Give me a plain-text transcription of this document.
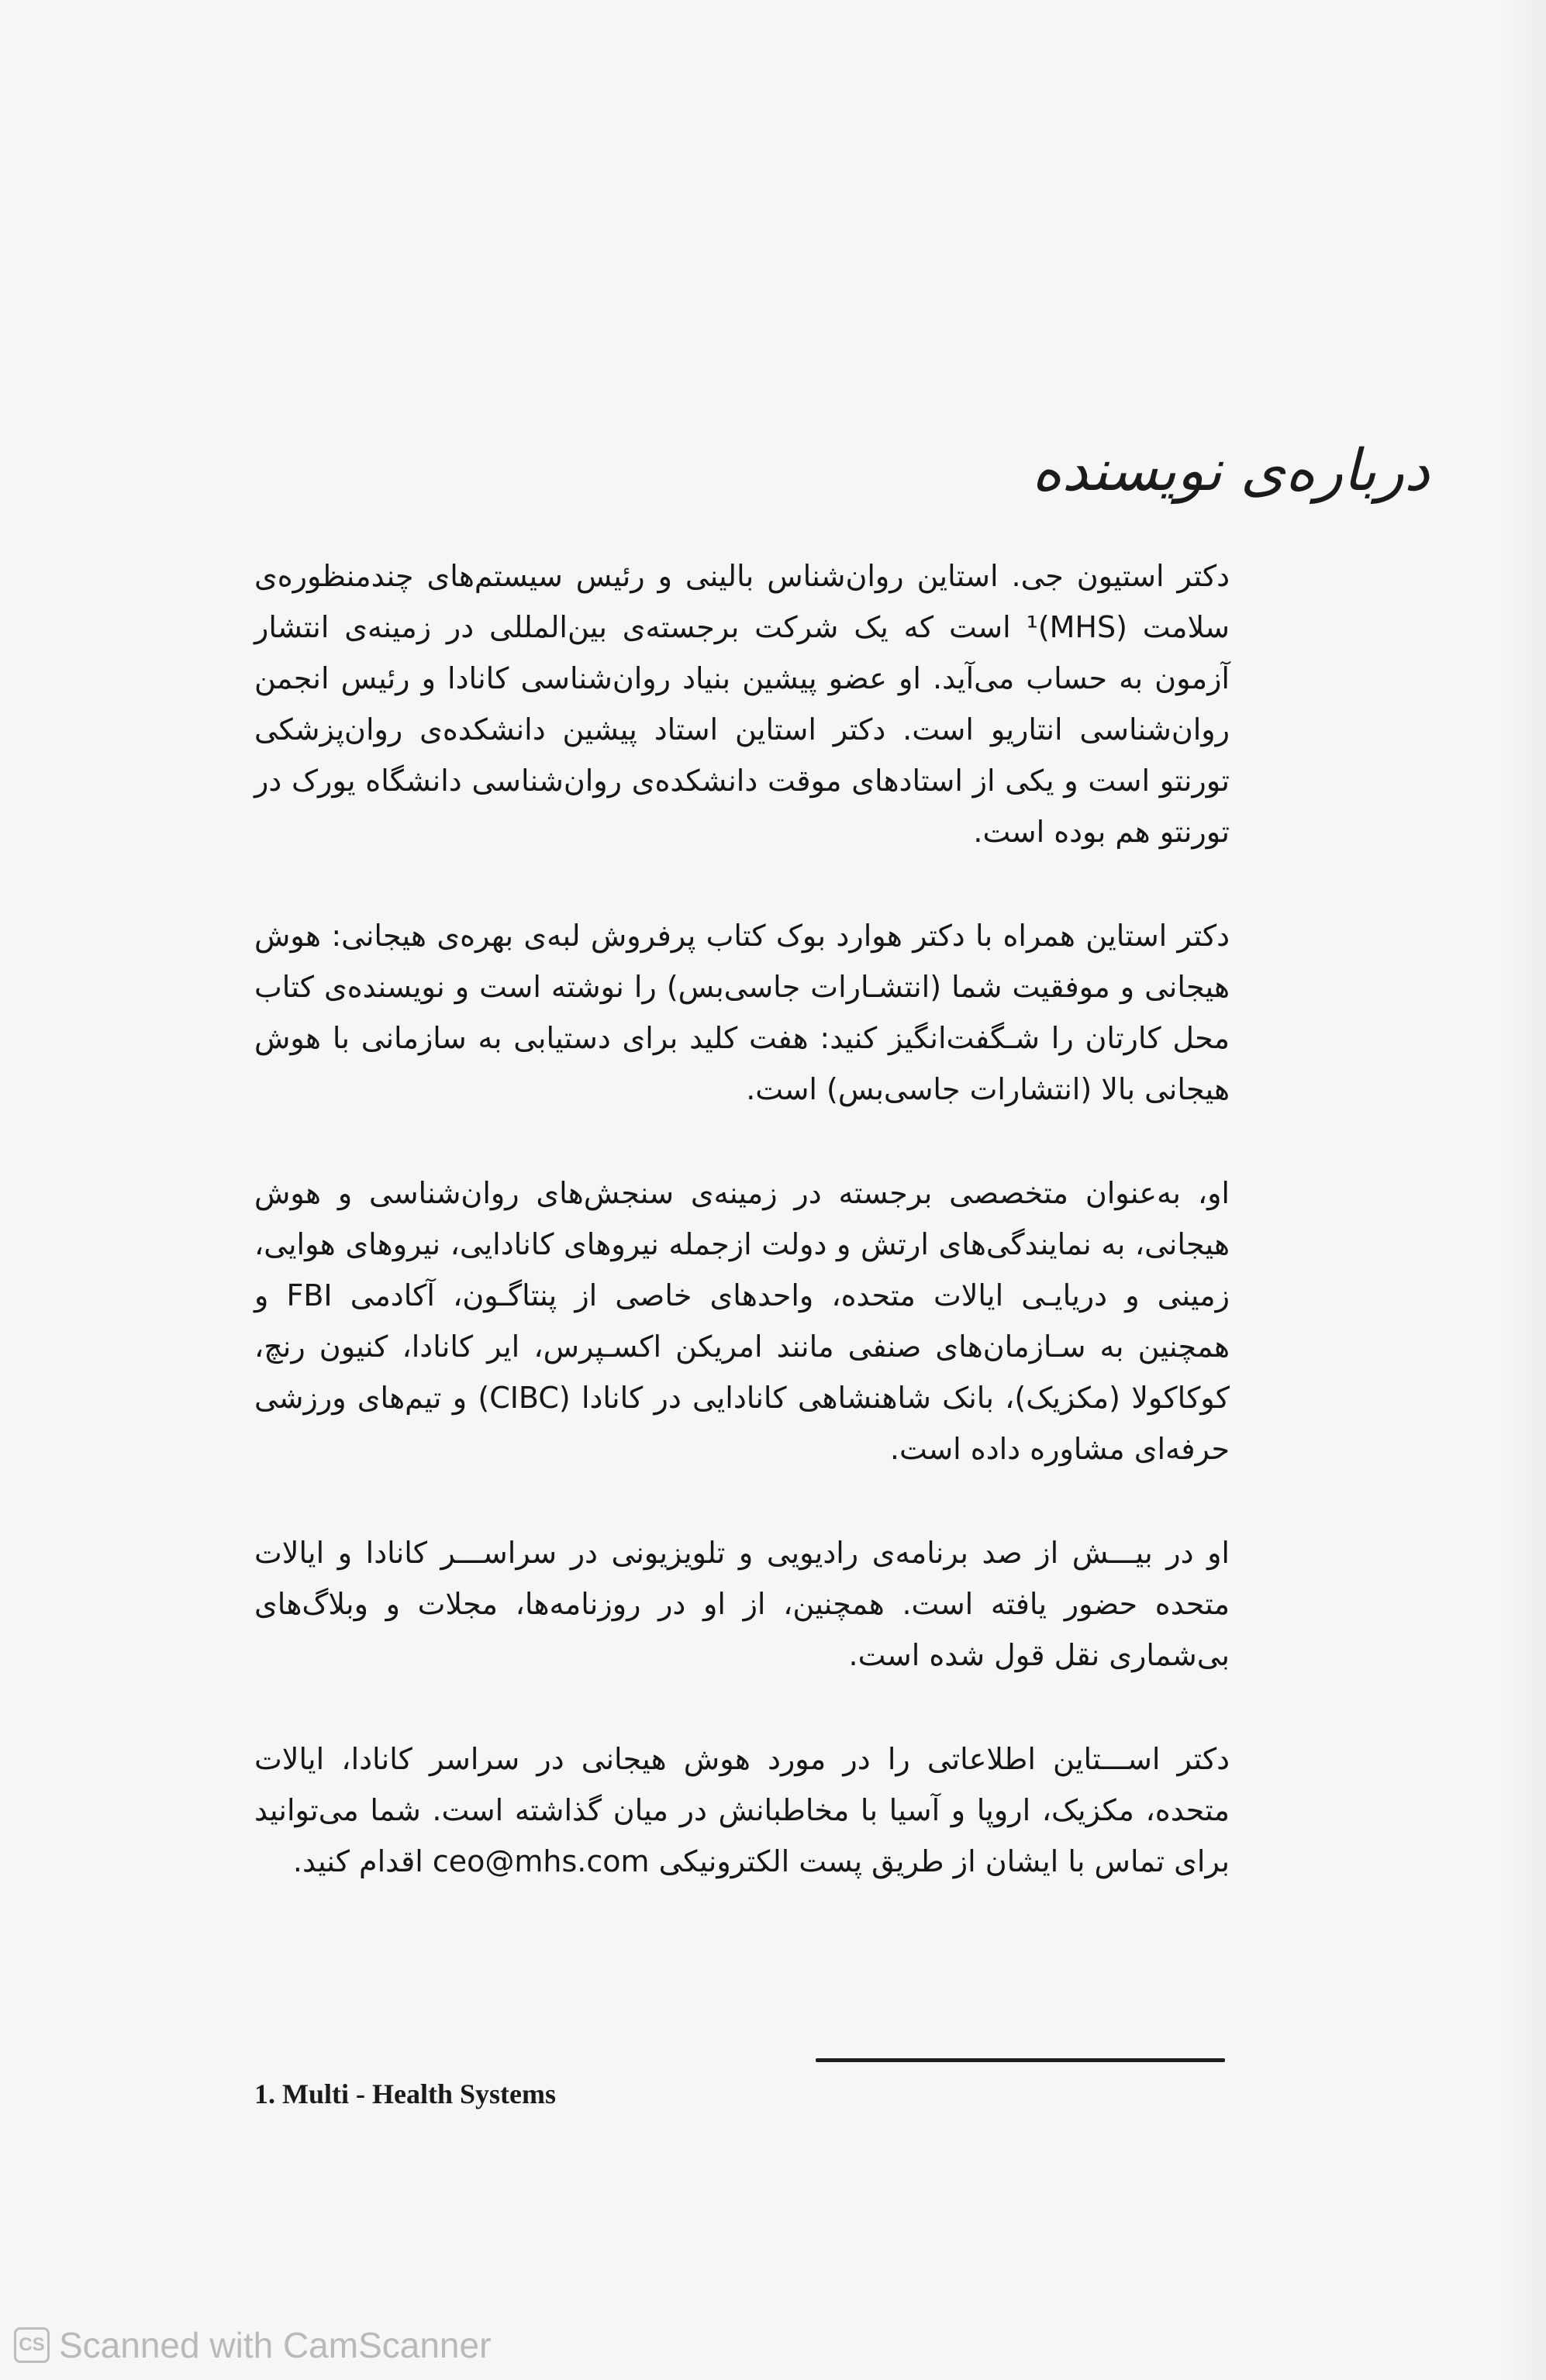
درباره‌ی نویسنده

دکتر استیون جی. استاین روان‌شناس بالینی و رئیس سیستم‌های چندمنظوره‌ی سلامت (MHS)¹ است که یک شرکت برجسته‌ی بین‌المللی در زمینه‌ی انتشار آزمون به حساب می‌آید. او عضو پیشین بنیاد روان‌شناسی کانادا و رئیس انجمن روان‌شناسی انتاریو است. دکتر استاین استاد پیشین دانشکده‌ی روان‌پزشکی تورنتو است و یکی از استادهای موقت دانشکده‌ی روان‌شناسی دانشگاه یورک در تورنتو هم بوده است.

دکتر استاین همراه با دکتر هوارد بوک کتاب پرفروش لبه‌ی بهره‌ی هیجانی: هوش هیجانی و موفقیت شما (انتشـارات جاسی‌بس) را نوشته است و نویسنده‌ی کتاب محل کارتان را شـگفت‌انگیز کنید: هفت کلید برای دستیابی به سازمانی با هوش هیجانی بالا (انتشارات جاسی‌بس) است.

او، به‌عنوان متخصصی برجسته در زمینه‌ی سنجش‌های روان‌شناسی و هوش هیجانی، به نمایندگی‌های ارتش و دولت ازجمله نیروهای کانادایی، نیروهای هوایی، زمینی و دریایـی ایالات متحده، واحدهای خاصی از پنتاگـون، آکادمی FBI و همچنین به سـازمان‌های صنفی مانند امریکن اکسـپرس، ایر کانادا، کنیون رنچ، کوکاکولا (مکزیک)، بانک شاهنشاهی کانادایی در کانادا (CIBC) و تیم‌های ورزشی حرفه‌ای مشاوره داده است.

او در بیـــش از صد برنامه‌ی رادیویی و تلویزیونی در سراســـر کانادا و ایالات متحده حضور یافته است. همچنین، از او در روزنامه‌ها، مجلات و وبلاگ‌های بی‌شماری نقل قول شده است.

دکتر اســـتاین اطلاعاتی را در مورد هوش هیجانی در سراسر کانادا، ایالات متحده، مکزیک، اروپا و آسیا با مخاطبانش در میان گذاشته است. شما می‌توانید برای تماس با ایشان از طریق پست الکترونیکی ceo@mhs.com اقدام کنید.

1. Multi - Health Systems
CS Scanned with CamScanner
